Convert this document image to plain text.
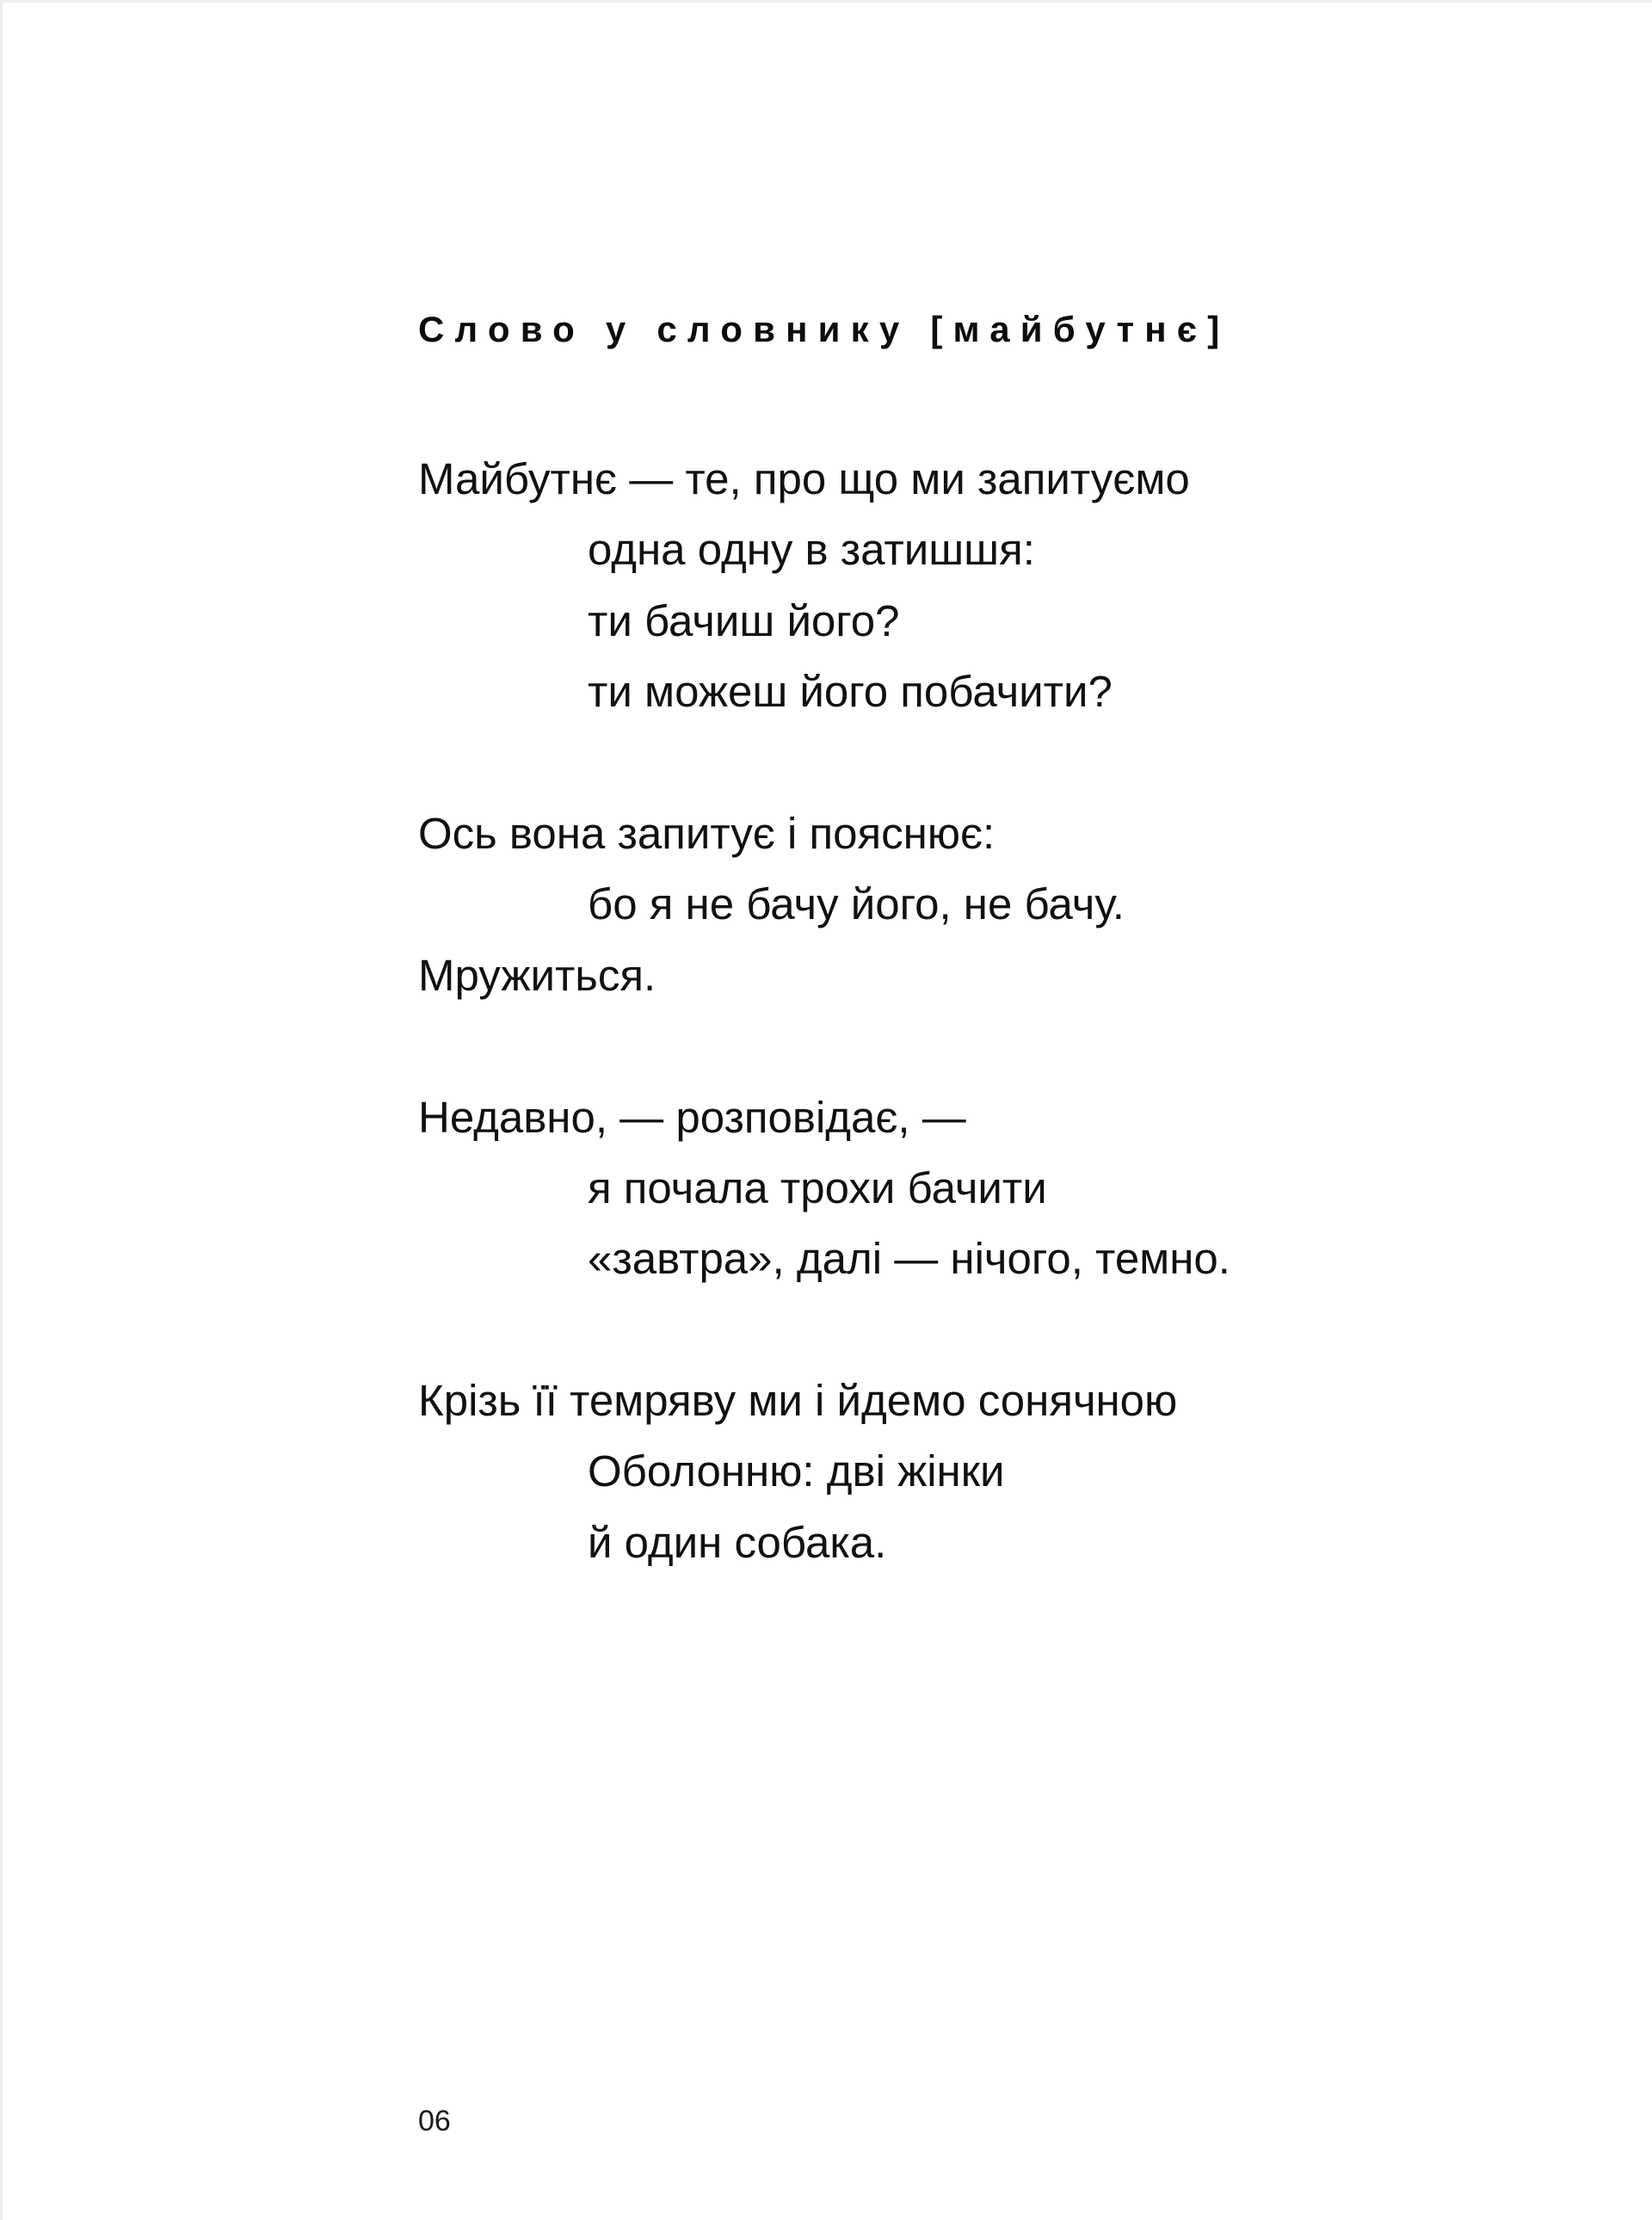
Слово у словнику [майбутнє]
Майбутнє — те, про що ми запитуємо
одна одну в затишшя:
ти бачиш його?
ти можеш його побачити?
Ось вона запитує і пояснює:
бо я не бачу його, не бачу.
Мружиться.
Недавно, — розповідає, —
я почала трохи бачити
«завтра», далі — нічого, темно.
Крізь її темряву ми і йдемо сонячною
Оболонню: дві жінки
й один собака.
06
